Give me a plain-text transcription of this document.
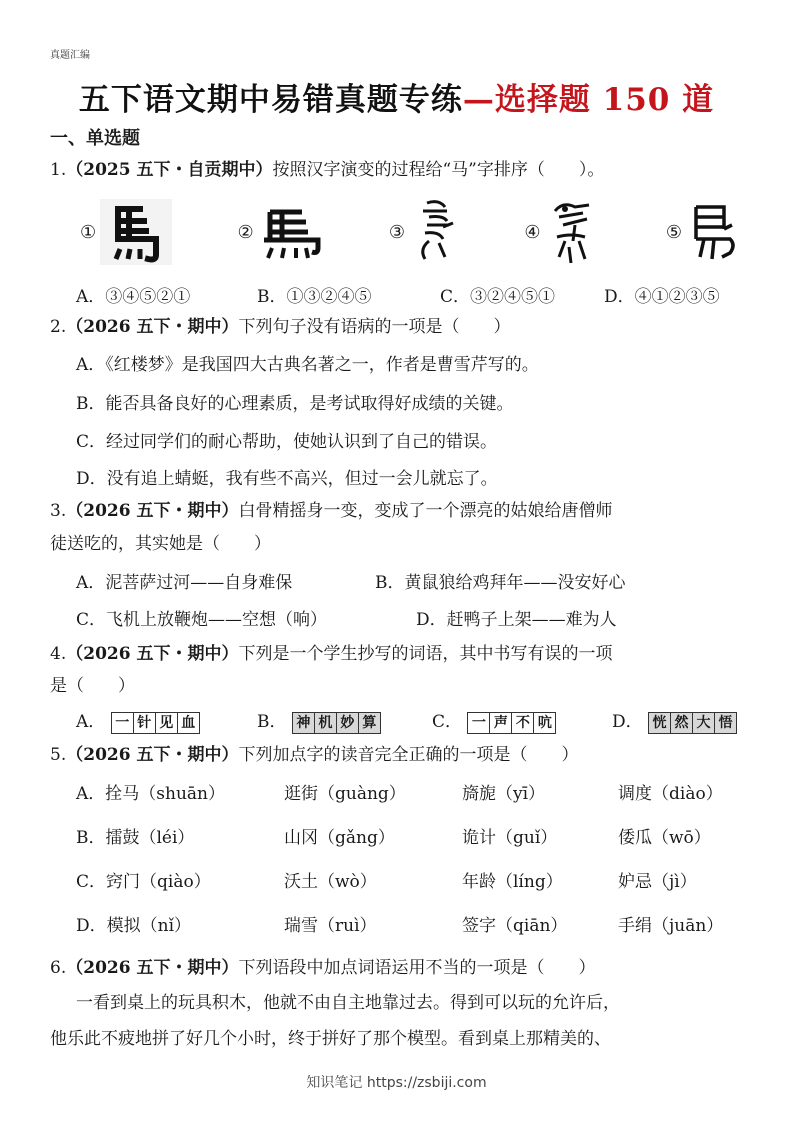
真题汇编
五下语文期中易错真题专练—选择题 150 道
一、单选题
1.（2025 五下・自贡期中）按照汉字演变的过程给“马”字排序（　　）。
①	②	③	④	⑤
A．③④⑤②①	B．①③②④⑤	C．③②④⑤①	D．④①②③⑤
2.（2026 五下・期中）下列句子没有语病的一项是（　　）
A．《红楼梦》是我国四大古典名著之一，作者是曹雪芹写的。
B．能否具备良好的心理素质，是考试取得好成绩的关键。
C．经过同学们的耐心帮助，使她认识到了自己的错误。
D．没有追上蜻蜓，我有些不高兴，但过一会儿就忘了。
3.（2026 五下・期中）白骨精摇身一变，变成了一个漂亮的姑娘给唐僧师
徒送吃的，其实她是（　　）
A．泥菩萨过河——自身难保	B．黄鼠狼给鸡拜年——没安好心
C．飞机上放鞭炮——空想（响）	D．赶鸭子上架——难为人
4.（2026 五下・期中）下列是一个学生抄写的词语，其中书写有误的一项
是（　　）
A． 一 针 见 血	B． 神 机 妙 算	C． 一 声 不 吭	D． 恍 然 大 悟
5.（2026 五下・期中）下列加点字的读音完全正确的一项是（　　）
A．拴马（shuān）	逛街（guàng）	旖旎（yī）	调度（diào）
B．擂鼓（léi）	山冈（gǎng）	诡计（guǐ）	倭瓜（wō）
C．窍门（qiào）	沃土（wò）	年龄（líng）	妒忌（jì）
D．模拟（nǐ）	瑞雪（ruì）	签字（qiān）	手绢（juān）
6.（2026 五下・期中）下列语段中加点词语运用不当的一项是（　　）
一看到桌上的玩具积木，他就不由自主地靠过去。得到可以玩的允许后，
他乐此不疲地拼了好几个小时，终于拼好了那个模型。看到桌上那精美的、
知识笔记 https://zsbiji.com
